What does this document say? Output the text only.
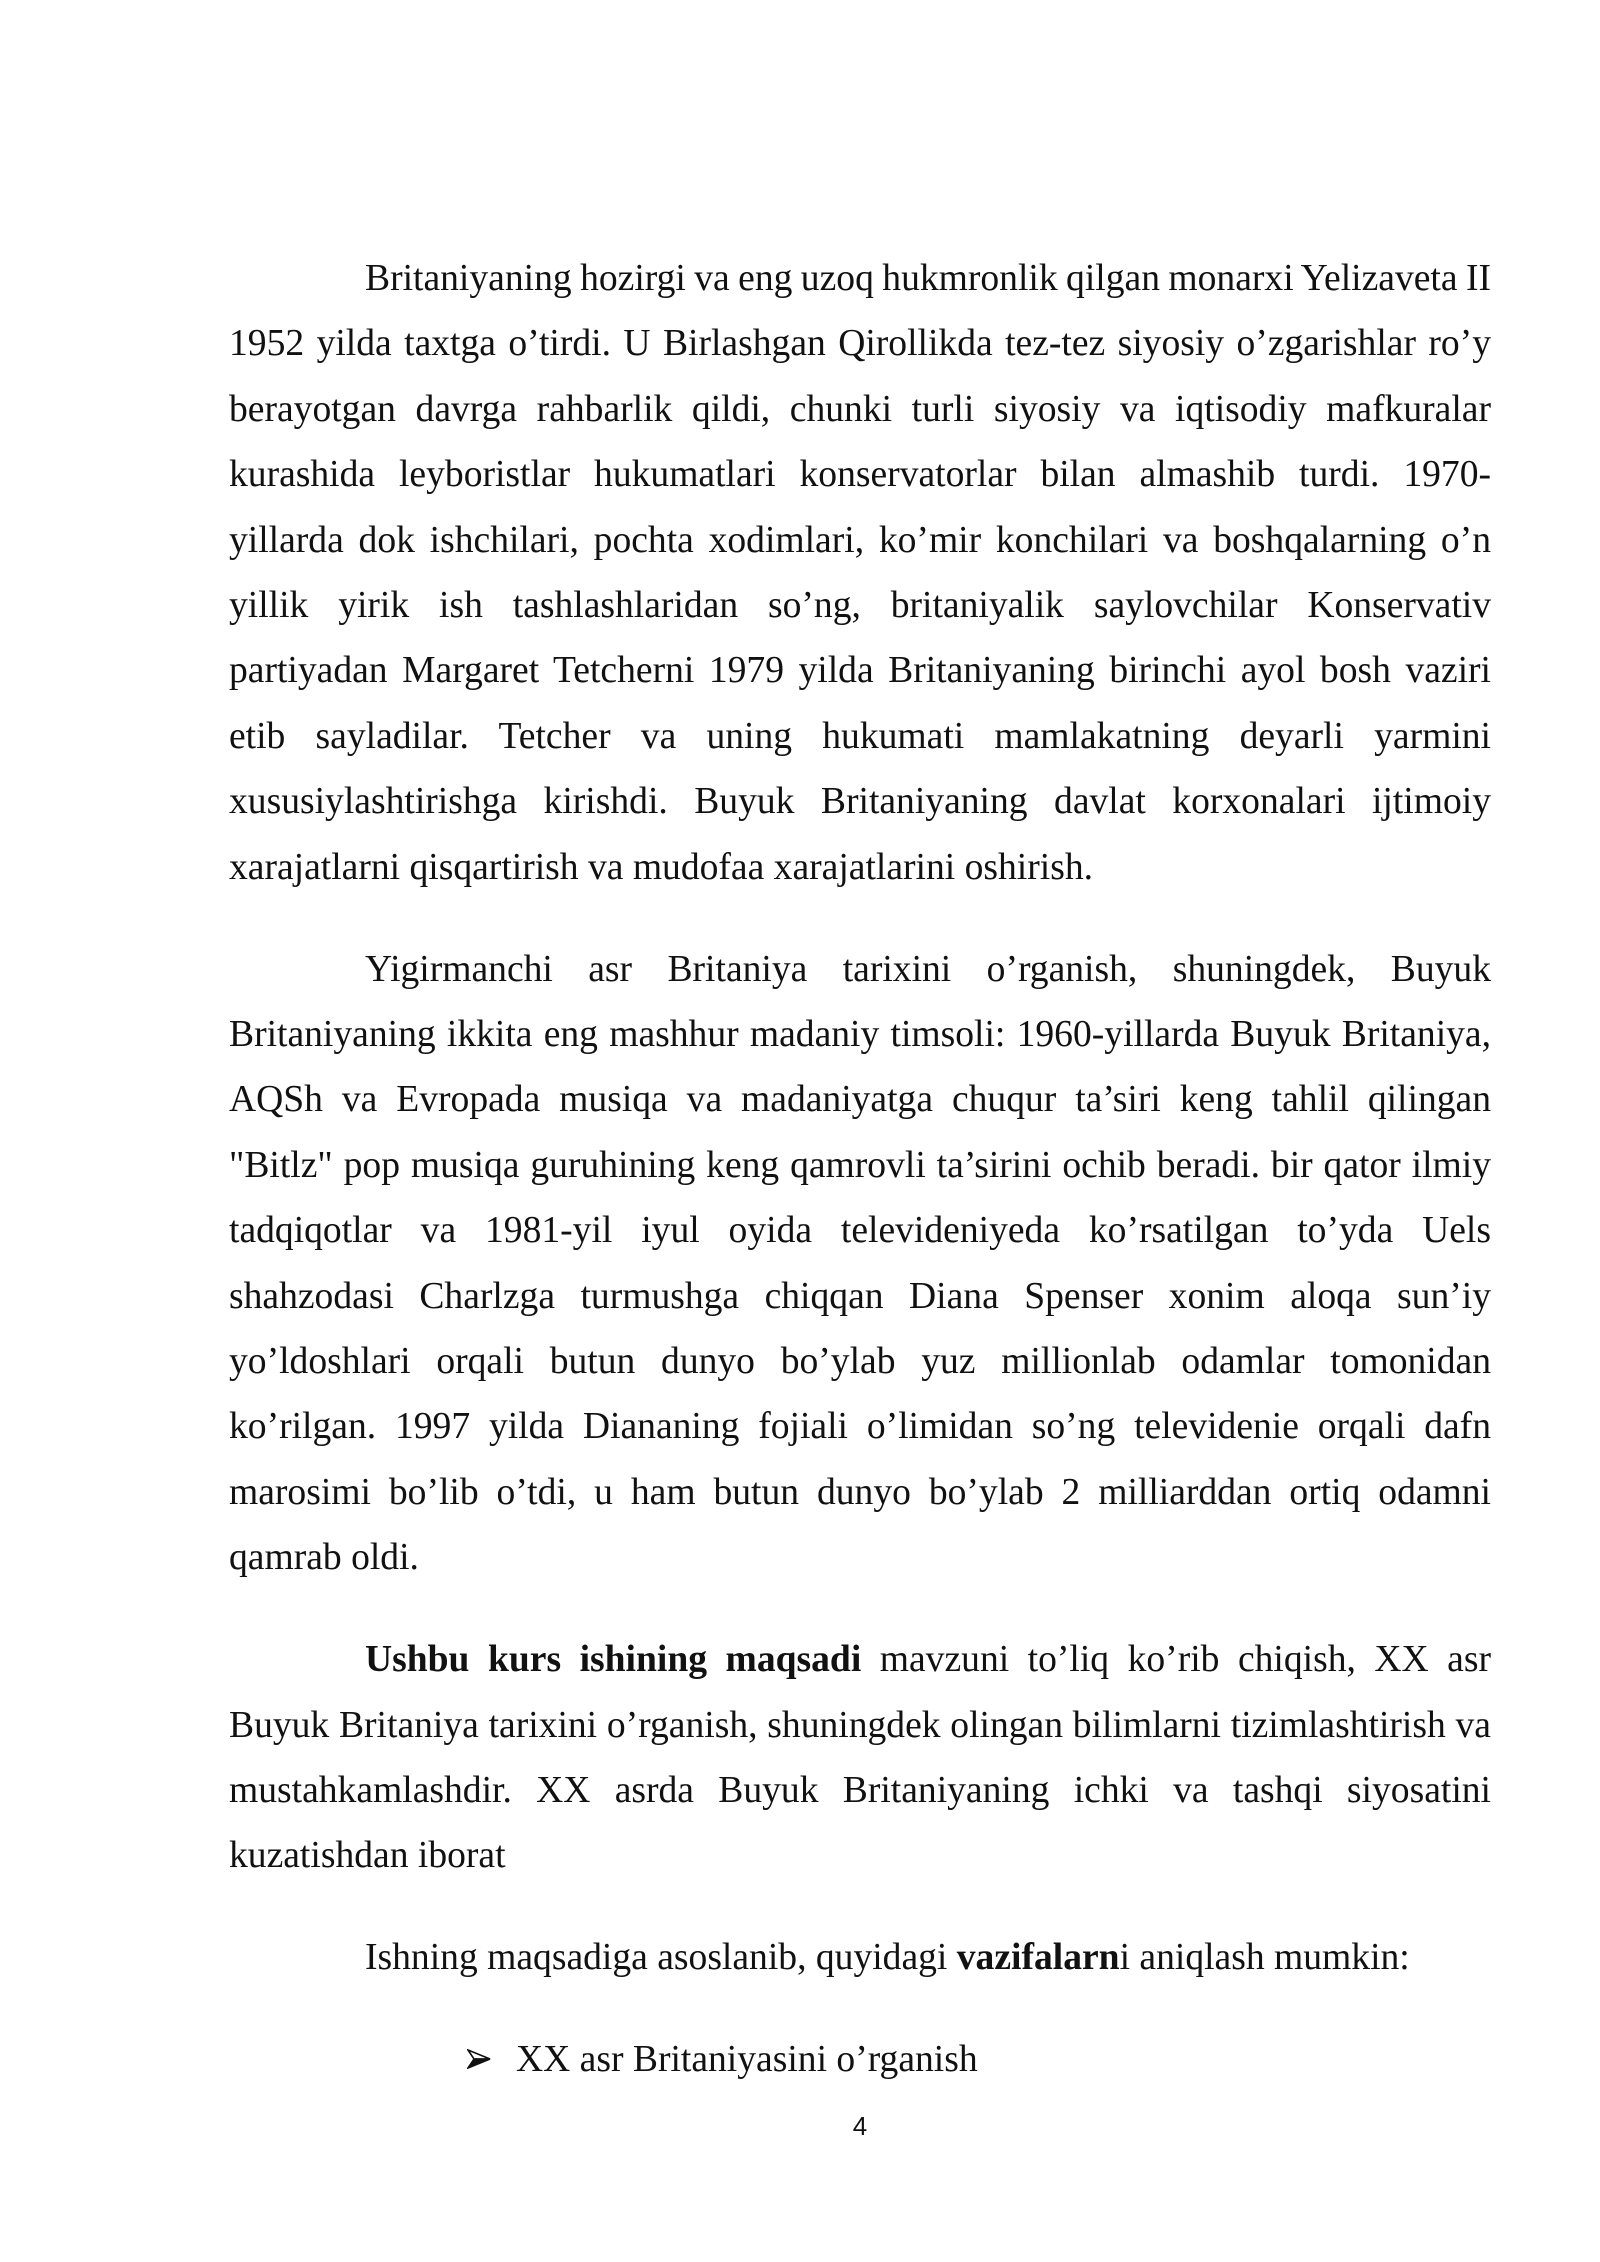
Britaniyaning hozirgi va eng uzoq hukmronlik qilgan monarxi Yelizaveta II
1952 yilda taxtga o’tirdi. U Birlashgan Qirollikda tez-tez siyosiy o’zgarishlar ro’y
berayotgan davrga rahbarlik qildi, chunki turli siyosiy va iqtisodiy mafkuralar
kurashida leyboristlar hukumatlari konservatorlar bilan almashib turdi. 1970-
yillarda dok ishchilari, pochta xodimlari, ko’mir konchilari va boshqalarning o’n
yillik yirik ish tashlashlaridan so’ng, britaniyalik saylovchilar Konservativ
partiyadan Margaret Tetcherni 1979 yilda Britaniyaning birinchi ayol bosh vaziri
etib sayladilar. Tetcher va uning hukumati mamlakatning deyarli yarmini
xususiylashtirishga kirishdi. Buyuk Britaniyaning davlat korxonalari ijtimoiy
xarajatlarni qisqartirish va mudofaa xarajatlarini oshirish.
Yigirmanchi asr Britaniya tarixini o’rganish, shuningdek, Buyuk
Britaniyaning ikkita eng mashhur madaniy timsoli: 1960-yillarda Buyuk Britaniya,
AQSh va Evropada musiqa va madaniyatga chuqur ta’siri keng tahlil qilingan
"Bitlz" pop musiqa guruhining keng qamrovli ta’sirini ochib beradi. bir qator ilmiy
tadqiqotlar va 1981-yil iyul oyida televideniyeda ko’rsatilgan to’yda Uels
shahzodasi Charlzga turmushga chiqqan Diana Spenser xonim aloqa sun’iy
yo’ldoshlari orqali butun dunyo bo’ylab yuz millionlab odamlar tomonidan
ko’rilgan. 1997 yilda Diananing fojiali o’limidan so’ng televidenie orqali dafn
marosimi bo’lib o’tdi, u ham butun dunyo bo’ylab 2 milliarddan ortiq odamni
qamrab oldi.
Ushbu kurs ishining maqsadi mavzuni to’liq ko’rib chiqish, XX asr
Buyuk Britaniya tarixini o’rganish, shuningdek olingan bilimlarni tizimlashtirish va
mustahkamlashdir. XX asrda Buyuk Britaniyaning ichki va tashqi siyosatini
kuzatishdan iborat
Ishning maqsadiga asoslanib, quyidagi vazifalarni aniqlash mumkin:
XX asr Britaniyasini o’rganish
4
